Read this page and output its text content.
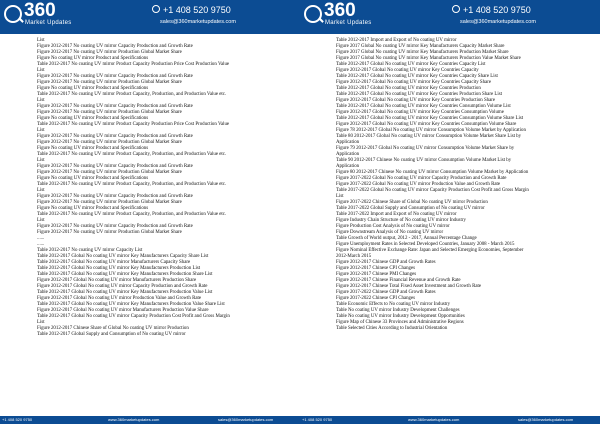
360
Market Updates
+1 408 520 9750
sales@360marketupdates.com
List
Figure 2012-2017 No coating UV mirror Capacity Production and Growth Rate
Figure 2012-2017 No coating UV mirror Production Global Market Share
Figure No coating UV mirror Product and Specifications
Table 2012-2017 No coating UV mirror Product Capacity Production Price Cost Production Value
List
Figure 2012-2017 No coating UV mirror Capacity Production and Growth Rate
Figure 2012-2017 No coating UV mirror Production Global Market Share
Figure No coating UV mirror Product and Specifications
Table 2012-2017 No coating UV mirror Product Capacity, Production, and Production Value etc.
List
Figure 2012-2017 No coating UV mirror Capacity Production and Growth Rate
Figure 2012-2017 No coating UV mirror Production Global Market Share
Figure No coating UV mirror Product and Specifications
Table 2012-2017 No coating UV mirror Product Capacity Production Price Cost Production Value
List
Figure 2012-2017 No coating UV mirror Capacity Production and Growth Rate
Figure 2012-2017 No coating UV mirror Production Global Market Share
Figure No coating UV mirror Product and Specifications
Table 2012-2017 No coating UV mirror Product Capacity, Production, and Production Value etc.
List
Figure 2012-2017 No coating UV mirror Capacity Production and Growth Rate
Figure 2012-2017 No coating UV mirror Production Global Market Share
Figure No coating UV mirror Product and Specifications
Table 2012-2017 No coating UV mirror Product Capacity, Production, and Production Value etc.
List
Figure 2012-2017 No coating UV mirror Capacity Production and Growth Rate
Figure 2012-2017 No coating UV mirror Production Global Market Share
Figure No coating UV mirror Product and Specifications
Table 2012-2017 No coating UV mirror Product Capacity, Production, and Production Value etc.
List
Figure 2012-2017 No coating UV mirror Capacity Production and Growth Rate
Figure 2012-2017 No coating UV mirror Production Global Market Share
......
......
Table 2012-2017 No coating UV mirror Capacity List
Table 2012-2017 Global No coating UV mirror Key Manufacturers Capacity Share List
Table 2012-2017 Global No coating UV mirror Manufacturers Capacity Share
Table 2012-2017 Global No coating UV mirror Key Manufacturers Production List
Table 2012-2017 Global No coating UV mirror Key Manufacturers Production Share List
Figure 2012-2017 Global No coating UV mirror Manufacturers Production Share
Figure 2012-2017 Global No coating UV mirror Capacity Production and Growth Rate
Table 2012-2017 Global No coating UV mirror Key Manufacturers Production Value List
Figure 2012-2017 Global No coating UV mirror Production Value and Growth Rate
Table 2012-2017 Global No coating UV mirror Key Manufacturers Production Value Share List
Figure 2012-2017 Global No coating UV mirror Manufacturers Production Value Share
Table 2012-2017 Global No coating UV mirror Capacity Production Cost Profit and Gross Margin
List
Figure 2012-2017 Chinese Share of Global No coating UV mirror Production
Table 2012-2017 Global Supply and Consumption of No coating UV mirror
+1 408 520 9750	www.360marketupdates.com	sales@360marketupdates.com
360
Market Updates
+1 408 520 9750
sales@360marketupdates.com
Table 2012-2017 Import and Export of No coating UV mirror
Figure 2017 Global No coating UV mirror Key Manufacturers Capacity Market Share
Figure 2017 Global No coating UV mirror Key Manufacturers Production Market Share
Figure 2017 Global No coating UV mirror Key Manufacturers Production Value Market Share
Table 2012-2017 Global No coating UV mirror Key Countries Capacity List
Figure 2012-2017 Global No coating UV mirror Key Countries Capacity
Table 2012-2017 Global No coating UV mirror Key Countries Capacity Share List
Figure 2012-2017 Global No coating UV mirror Key Countries Capacity Share
Table 2012-2017 Global No coating UV mirror Key Countries Production
Table 2012-2017 Global No coating UV mirror Key Countries Production Share List
Figure 2012-2017 Global No coating UV mirror Key Countries Production Share
Table 2012-2017 Global No coating UV mirror Key Countries Consumption Volume List
Figure 2012-2017 Global No coating UV mirror Key Countries Consumption Volume
Table 2012-2017 Global No coating UV mirror Key Countries Consumption Volume Share List
Figure 2012-2017 Global No coating UV mirror Key Countries Consumption Volume Share
Figure 78 2012-2017 Global No coating UV mirror Consumption Volume Market by Application
Table 80 2012-2017 Global No coating UV mirror Consumption Volume Market Share List by
Application
Figure 79 2012-2017 Global No coating UV mirror Consumption Volume Market Share by
Application
Table 90 2012-2017 Chinese No coating UV mirror Consumption Volume Market List by
Application
Figure 80 2012-2017 Chinese No coating UV mirror Consumption Volume Market by Application
Figure 2017-2022 Global No coating UV mirror Capacity Production and Growth Rate
Figure 2017-2022 Global No coating UV mirror Production Value and Growth Rate
Table 2017-2022 Global No coating UV mirror Capacity Production Cost Profit and Gross Margin
List
Figure 2017-2022 Chinese Share of Global No coating UV mirror Production
Table 2017-2022 Global Supply and Consumption of No coating UV mirror
Table 2017-2022 Import and Export of No coating UV mirror
Figure Industry Chain Structure of No coating UV mirror Industry
Figure Production Cost Analysis of No coating UV mirror
Figure Downstream Analysis of No coating UV mirror
Table Growth of World output, 2012 - 2017, Annual Percentage Change
Figure Unemployment Rates in Selected Developed Countries, January 2008 - March 2015
Figure Nominal Effective Exchange Rate: Japan and Selected Emerging Economies, September
2012-March 2015
Figure 2012-2017 Chinese GDP and Growth Rates
Figure 2012-2017 Chinese CPI Changes
Figure 2012-2017 Chinese PMI Changes
Figure 2012-2017 Chinese Financial Revenue and Growth Rate
Figure 2012-2017 Chinese Total Fixed Asset Investment and Growth Rate
Figure 2017-2022 Chinese GDP and Growth Rates
Figure 2017-2022 Chinese CPI Changes
Table Economic Effects to No coating UV mirror Industry
Table No coating UV mirror Industry Development Challenges
Table No coating UV mirror Industry Development Opportunities
Figure Map of Chinese 33 Provinces and Administrative Regions
Table Selected Cities According to Industrial Orientation
+1 408 520 9750	www.360marketupdates.com	sales@360marketupdates.com
